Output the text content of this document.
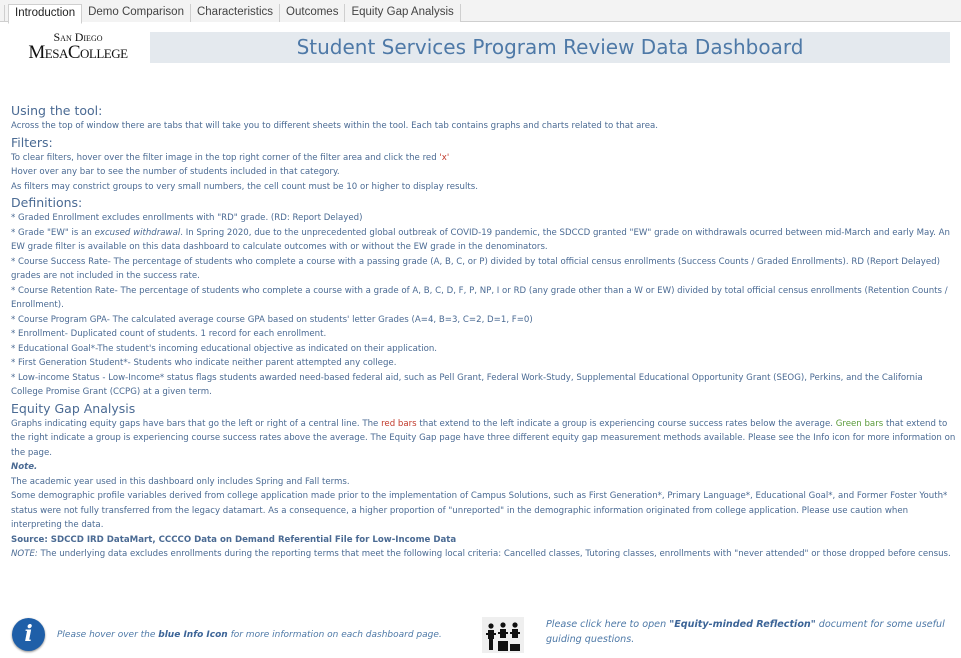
Introduction	Demo Comparison	Characteristics	Outcomes	Equity Gap Analysis
San Diego
MesaCollege	Student Services Program Review Data Dashboard
Using the tool:
Across the top of window there are tabs that will take you to different sheets within the tool. Each tab contains graphs and charts related to that area.
Filters:
To clear filters, hover over the filter image in the top right corner of the filter area and click the red 'x'
Hover over any bar to see the number of students included in that category.
As filters may constrict groups to very small numbers, the cell count must be 10 or higher to display results.
Definitions:
* Graded Enrollment excludes enrollments with "RD" grade. (RD: Report Delayed)
* Grade "EW" is an excused withdrawal. In Spring 2020, due to the unprecedented global outbreak of COVID-19 pandemic, the SDCCD granted "EW" grade on withdrawals ocurred between mid-March and early May. An EW grade filter is available on this data dashboard to calculate outcomes with or without the EW grade in the denominators.
* Course Success Rate- The percentage of students who complete a course with a passing grade (A, B, C, or P) divided by total official census enrollments (Success Counts / Graded Enrollments). RD (Report Delayed) grades are not included in the success rate.
* Course Retention Rate- The percentage of students who complete a course with a grade of A, B, C, D, F, P, NP, I or RD (any grade other than a W or EW) divided by total official census enrollments (Retention Counts / Enrollment).
* Course Program GPA- The calculated average course GPA based on students' letter Grades (A=4, B=3, C=2, D=1, F=0)
* Enrollment- Duplicated count of students. 1 record for each enrollment.
* Educational Goal*-The student's incoming educational objective as indicated on their application.
* First Generation Student*- Students who indicate neither parent attempted any college.
* Low-income Status - Low-Income* status flags students awarded need-based federal aid, such as Pell Grant, Federal Work-Study, Supplemental Educational Opportunity Grant (SEOG), Perkins, and the California College Promise Grant (CCPG) at a given term.
Equity Gap Analysis
Graphs indicating equity gaps have bars that go the left or right of a central line. The red bars that extend to the left indicate a group is experiencing course success rates below the average. Green bars that extend to the right indicate a group is experiencing course success rates above the average. The Equity Gap page have three different equity gap measurement methods available. Please see the Info icon for more information on the page.
Note.
The academic year used in this dashboard only includes Spring and Fall terms.
Some demographic profile variables derived from college application made prior to the implementation of Campus Solutions, such as First Generation*, Primary Language*, Educational Goal*, and Former Foster Youth* status were not fully transferred from the legacy datamart. As a consequence, a higher proportion of "unreported" in the demographic information originated from college application. Please use caution when interpreting the data.
Source: SDCCD IRD DataMart, CCCCO Data on Demand Referential File for Low-Income Data
NOTE: The underlying data excludes enrollments during the reporting terms that meet the following local criteria: Cancelled classes, Tutoring classes, enrollments with "never attended" or those dropped before census.
i	Please hover over the blue Info Icon for more information on each dashboard page.
Please click here to open "Equity-minded Reflection" document for some useful guiding questions.
